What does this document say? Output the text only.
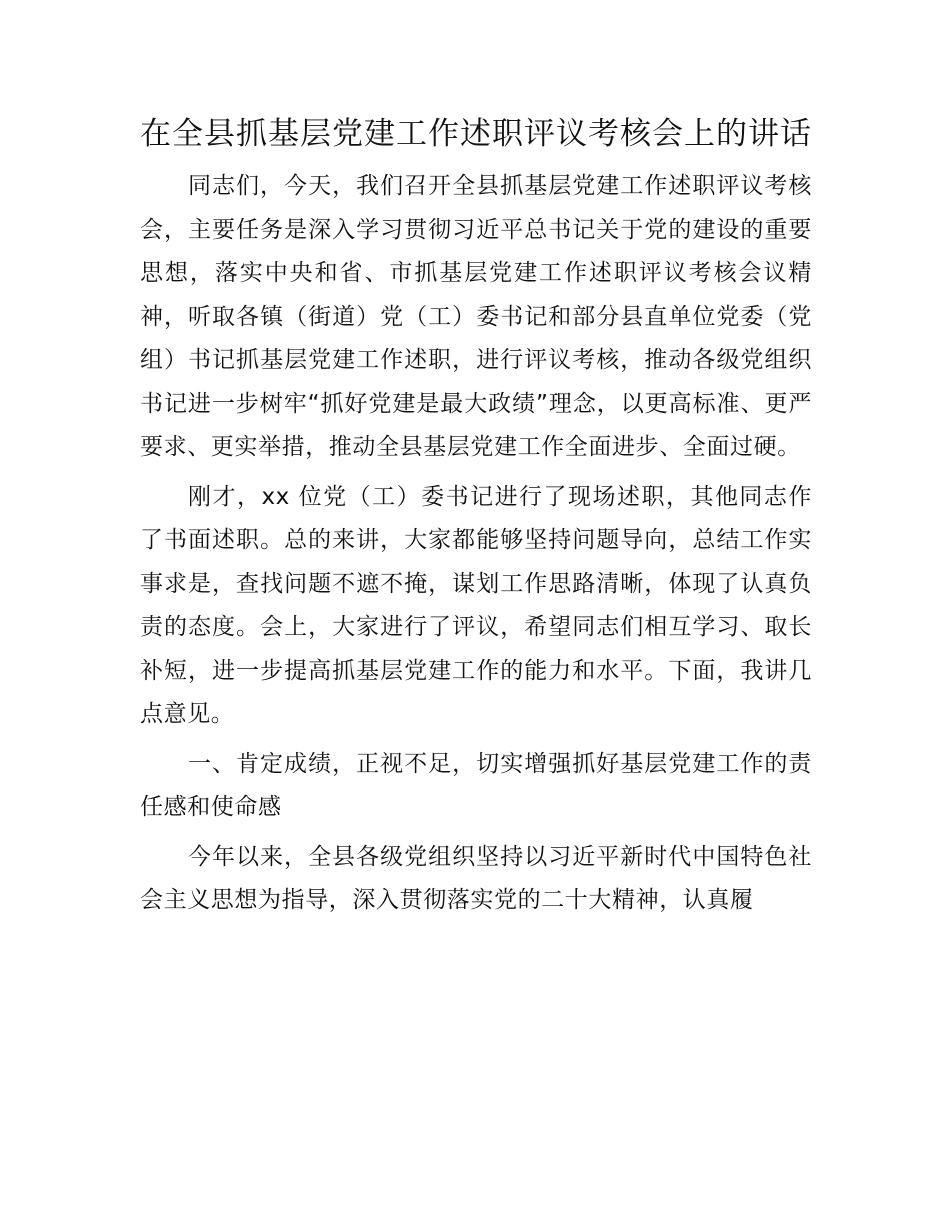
在全县抓基层党建工作述职评议考核会上的讲话

同志们，今天，我们召开全县抓基层党建工作述职评议考核会，主要任务是深入学习贯彻习近平总书记关于党的建设的重要思想，落实中央和省、市抓基层党建工作述职评议考核会议精神，听取各镇（街道）党（工）委书记和部分县直单位党委（党组）书记抓基层党建工作述职，进行评议考核，推动各级党组织书记进一步树牢“抓好党建是最大政绩”理念，以更高标准、更严要求、更实举措，推动全县基层党建工作全面进步、全面过硬。

刚才，xx 位党（工）委书记进行了现场述职，其他同志作了书面述职。总的来讲，大家都能够坚持问题导向，总结工作实事求是，查找问题不遮不掩，谋划工作思路清晰，体现了认真负责的态度。会上，大家进行了评议，希望同志们相互学习、取长补短，进一步提高抓基层党建工作的能力和水平。下面，我讲几点意见。

一、肯定成绩，正视不足，切实增强抓好基层党建工作的责任感和使命感

今年以来，全县各级党组织坚持以习近平新时代中国特色社会主义思想为指导，深入贯彻落实党的二十大精神，认真履
